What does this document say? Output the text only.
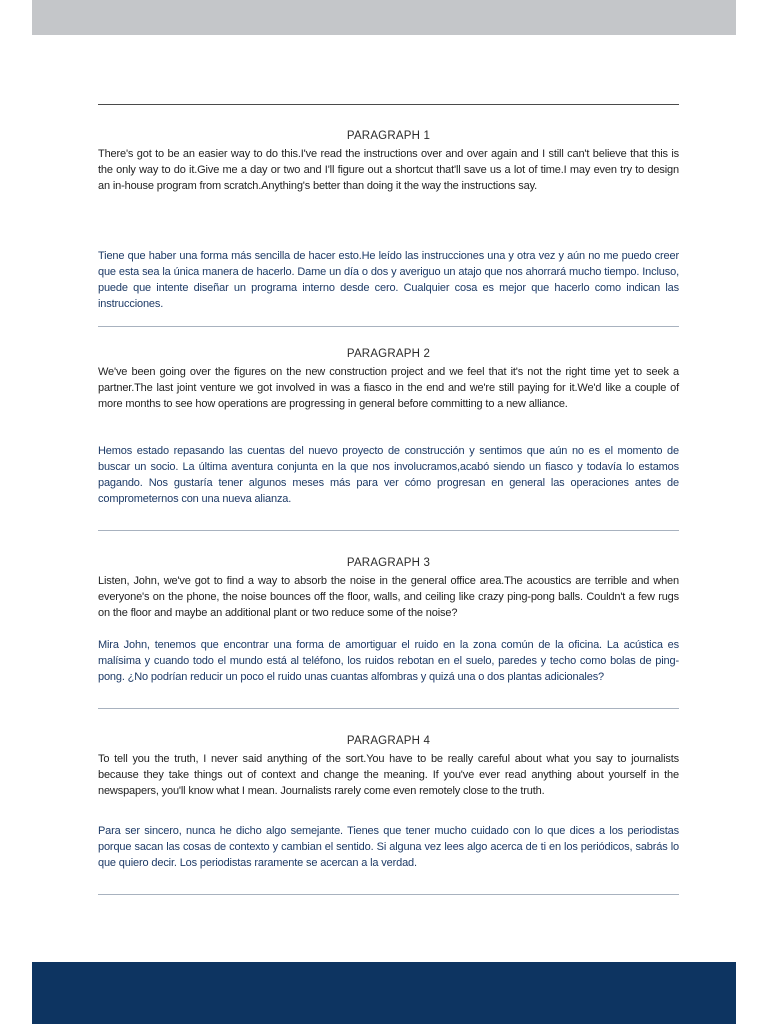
PARAGRAPH 1

There's got to be an easier way to do this.I've read the instructions over and over again and I still can't believe that this is the only way to do it.Give me a day or two and I'll figure out a shortcut that'll save us a lot of time.I may even try to design an in-house program from scratch.Anything's better than doing it the way the instructions say.

Tiene que haber una forma más sencilla de hacer esto.He leído las instrucciones una y otra vez y aún no me puedo creer que esta sea la única manera de hacerlo. Dame un día o dos y averiguo un atajo que nos ahorrará mucho tiempo. Incluso, puede que intente diseñar un programa interno desde cero. Cualquier cosa es mejor que hacerlo como indican las instrucciones.

PARAGRAPH 2

We've been going over the figures on the new construction project and we feel that it's not the right time yet to seek a partner.The last joint venture we got involved in was a fiasco in the end and we're still paying for it.We'd like a couple of more months to see how operations are progressing in general before committing to a new alliance.

Hemos estado repasando las cuentas del nuevo proyecto de construcción y sentimos que aún no es el momento de buscar un socio. La última aventura conjunta en la que nos involucramos,acabó siendo un fiasco y todavía lo estamos pagando. Nos gustaría tener algunos meses más para ver cómo progresan en general las operaciones antes de comprometernos con una nueva alianza.

PARAGRAPH 3

Listen, John, we've got to find a way to absorb the noise in the general office area.The acoustics are terrible and when everyone's on the phone, the noise bounces off the floor, walls, and ceiling like crazy ping-pong balls. Couldn't a few rugs on the floor and maybe an additional plant or two reduce some of the noise?

Mira John, tenemos que encontrar una forma de amortiguar el ruido en la zona común de la oficina. La acústica es malísima y cuando todo el mundo está al teléfono, los ruidos rebotan en el suelo, paredes y techo como bolas de ping-pong. ¿No podrían reducir un poco el ruido unas cuantas alfombras y quizá una o dos plantas adicionales?

PARAGRAPH 4

To tell you the truth, I never said anything of the sort.You have to be really careful about what you say to journalists because they take things out of context and change the meaning. If you've ever read anything about yourself in the newspapers, you'll know what I mean. Journalists rarely come even remotely close to the truth.

Para ser sincero, nunca he dicho algo semejante. Tienes que tener mucho cuidado con lo que dices a los periodistas porque sacan las cosas de contexto y cambian el sentido. Si alguna vez lees algo acerca de ti en los periódicos, sabrás lo que quiero decir. Los periodistas raramente se acercan a la verdad.
